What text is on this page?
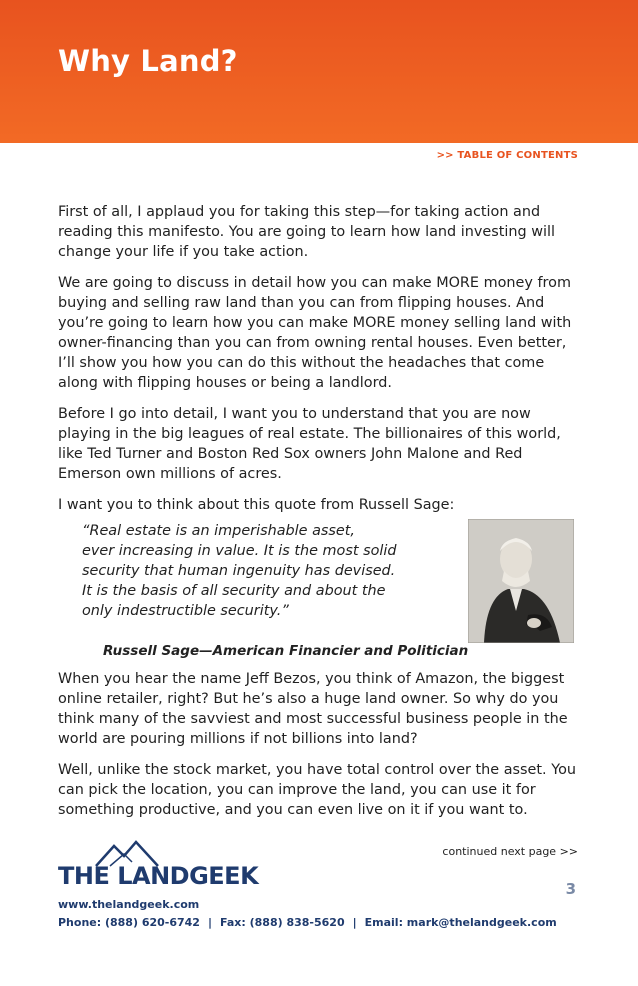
Why Land?
>> TABLE OF CONTENTS

First of all, I applaud you for taking this step—for taking action and reading this manifesto. You are going to learn how land investing will change your life if you take action.

We are going to discuss in detail how you can make MORE money from buying and selling raw land than you can from flipping houses. And you’re going to learn how you can make MORE money selling land with owner-financing than you can from owning rental houses. Even better, I’ll show you how you can do this without the headaches that come along with flipping houses or being a landlord.

Before I go into detail, I want you to understand that you are now playing in the big leagues of real estate. The billionaires of this world, like Ted Turner and Boston Red Sox owners John Malone and Red Emerson own millions of acres.

I want you to think about this quote from Russell Sage:

“Real estate is an imperishable asset,
ever increasing in value. It is the most solid
security that human ingenuity has devised.
It is the basis of all security and about the
only indestructible security.”
Russell Sage—American Financier and Politician

When you hear the name Jeff Bezos, you think of Amazon, the biggest online retailer, right? But he’s also a huge land owner. So why do you think many of the savviest and most successful business people in the world are pouring millions if not billions into land?

Well, unlike the stock market, you have total control over the asset. You can pick the location, you can improve the land, you can use it for something productive, and you can even live on it if you want to.

continued next page >>
THE LANDGEEK	3
www.thelandgeek.com
Phone: (888) 620-6742 | Fax: (888) 838-5620 | Email: mark@thelandgeek.com
